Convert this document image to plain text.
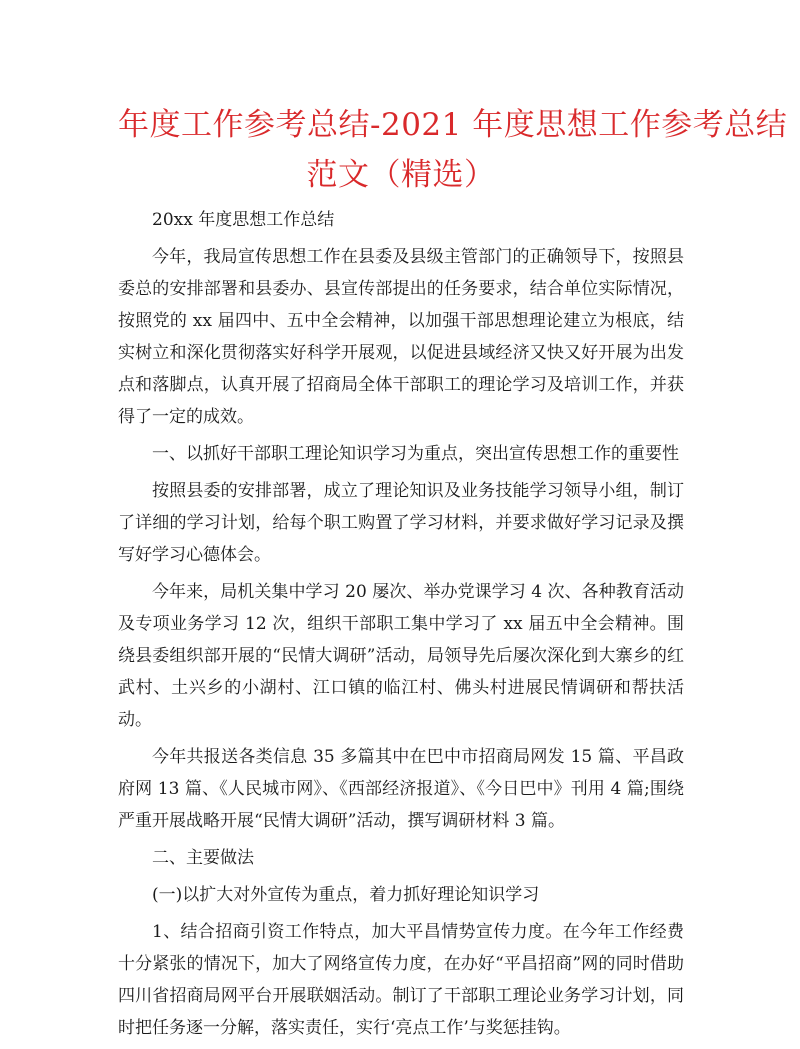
年度工作参考总结-2021 年度思想工作参考总结
范文（精选）

20xx 年度思想工作总结

今年，我局宣传思想工作在县委及县级主管部门的正确领导下，按照县委总的安排部署和县委办、县宣传部提出的任务要求，结合单位实际情况，按照党的 xx 届四中、五中全会精神，以加强干部思想理论建立为根底，结实树立和深化贯彻落实好科学开展观，以促进县域经济又快又好开展为出发点和落脚点，认真开展了招商局全体干部职工的理论学习及培训工作，并获得了一定的成效。

一、以抓好干部职工理论知识学习为重点，突出宣传思想工作的重要性

按照县委的安排部署，成立了理论知识及业务技能学习领导小组，制订了详细的学习计划，给每个职工购置了学习材料，并要求做好学习记录及撰写好学习心德体会。

今年来，局机关集中学习 20 屡次、举办党课学习 4 次、各种教育活动及专项业务学习 12 次，组织干部职工集中学习了 xx 届五中全会精神。围绕县委组织部开展的“民情大调研”活动，局领导先后屡次深化到大寨乡的红武村、土兴乡的小湖村、江口镇的临江村、佛头村进展民情调研和帮扶活动。

今年共报送各类信息 35 多篇其中在巴中市招商局网发 15 篇、平昌政府网 13 篇、《人民城市网》、《西部经济报道》、《今日巴中》刊用 4 篇;围绕严重开展战略开展“民情大调研”活动，撰写调研材料 3 篇。

二、主要做法

(一)以扩大对外宣传为重点，着力抓好理论知识学习

1、结合招商引资工作特点，加大平昌情势宣传力度。在今年工作经费十分紧张的情况下，加大了网络宣传力度，在办好“平昌招商”网的同时借助四川省招商局网平台开展联姻活动。制订了干部职工理论业务学习计划，同时把任务逐一分解，落实责任，实行‘亮点工作’与奖惩挂钩。
